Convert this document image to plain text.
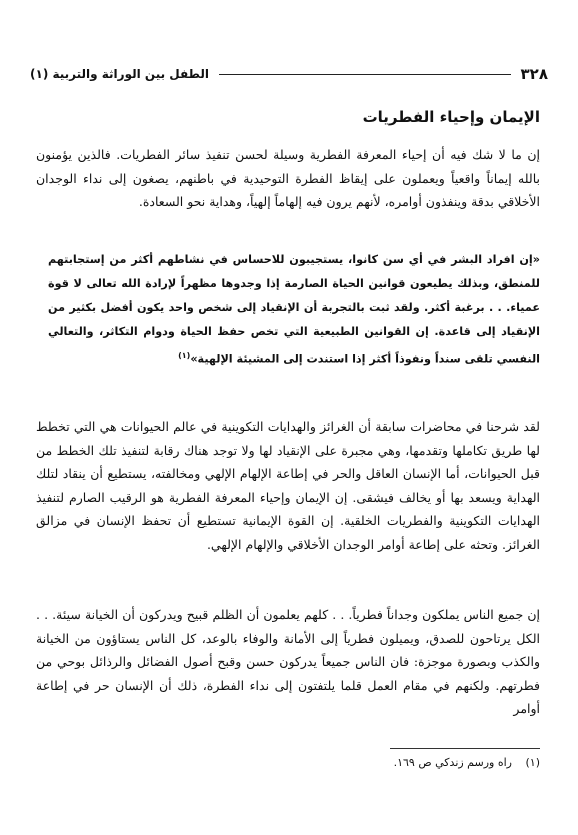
٣٢٨
الطفل بين الوراثة والتربية (١)
الإيمان وإحياء الفطريات

إن ما لا شك فيه أن إحياء المعرفة الفطرية وسيلة لحسن تنفيذ سائر الفطريات. فالذين يؤمنون بالله إيماناً واقعياً ويعملون على إيقاظ الفطرة التوحيدية في باطنهم، يصغون إلى نداء الوجدان الأخلاقي بدقة وينفذون أوامره، لأنهم يرون فيه إلهاماً إلهياً، وهداية نحو السعادة.

«إن افراد البشر في أي سن كانوا، يستجيبون للاحساس في نشاطهم أكثر من إستجابتهم للمنطق، وبذلك يطيعون قوانين الحياة الصارمة إذا وجدوها مظهراً لإرادة الله تعالى لا قوة عمياء. . . برغبة أكثر. ولقد ثبت بالتجربة أن الإنقياد إلى شخص واحد يكون أفضل بكثير من الإنقياد إلى قاعدة. إن القوانين الطبيعية التي تخص حفظ الحياة ودوام التكاثر، والتعالي النفسي تلقى سنداً ونفوذاً أكثر إذا استندت إلى المشيئة الإلهية»$^{(١)}$

لقد شرحنا في محاضرات سابقة أن الغرائز والهدايات التكوينية في عالم الحيوانات هي التي تخطط لها طريق تكاملها وتقدمها، وهي مجبرة على الإنقياد لها ولا توجد هناك رقابة لتنفيذ تلك الخطط من قبل الحيوانات، أما الإنسان العاقل والحر في إطاعة الإلهام الإلهي ومخالفته، يستطيع أن ينقاد لتلك الهداية ويسعد بها أو يخالف فيشقى. إن الإيمان وإحياء المعرفة الفطرية هو الرقيب الصارم لتنفيذ الهدايات التكوينية والفطريات الخلقية. إن القوة الإيمانية تستطيع أن تحفظ الإنسان في مزالق الغرائز. وتحثه على إطاعة أوامر الوجدان الأخلاقي والإلهام الإلهي.

إن جميع الناس يملكون وجداناً فطرياً. . . كلهم يعلمون أن الظلم قبيح ويدركون أن الخيانة سيئة. . . الكل يرتاحون للصدق، ويميلون فطرياً إلى الأمانة والوفاء بالوعد، كل الناس يستاؤون من الخيانة والكذب وبصورة موجزة: فان الناس جميعاً يدركون حسن وقبح أصول الفضائل والرذائل بوحي من فطرتهم. ولكنهم في مقام العمل قلما يلتفتون إلى نداء الفطرة، ذلك أن الإنسان حر في إطاعة أوامر

(١) راه ورسم زندكي ص ١٦٩.
